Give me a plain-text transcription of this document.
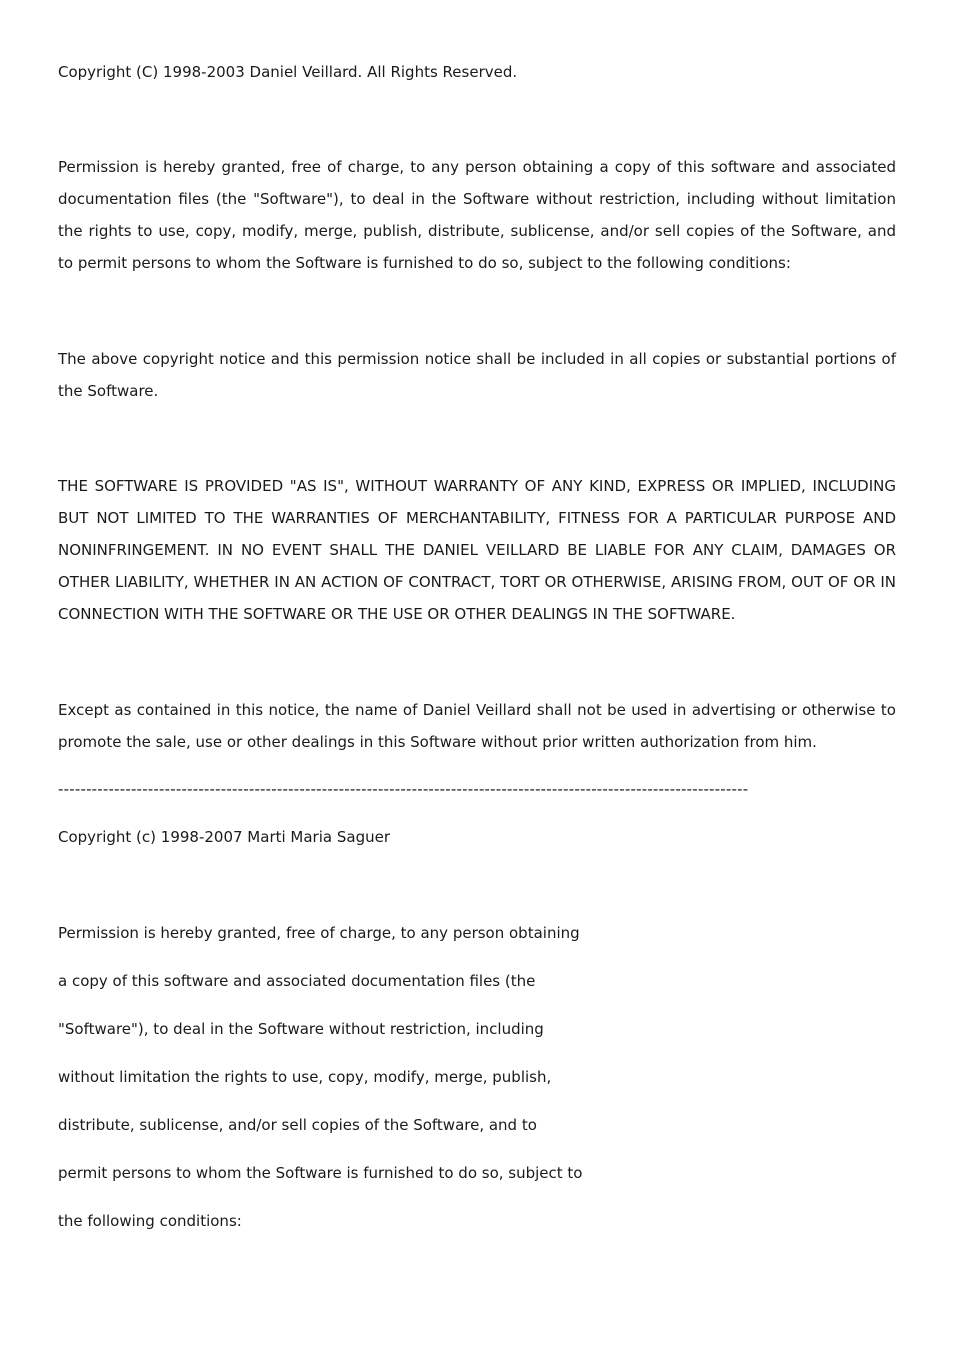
Copyright (C) 1998-2003 Daniel Veillard. All Rights Reserved.
Permission is hereby granted, free of charge, to any person obtaining a copy of this software and associated documentation files (the "Software"), to deal in the Software without restriction, including without limitation the rights to use, copy, modify, merge, publish, distribute, sublicense, and/or sell copies of the Software, and to permit persons to whom the Software is furnished to do so, subject to the following conditions:
The above copyright notice and this permission notice shall be included in all copies or substantial portions of the Software.
THE SOFTWARE IS PROVIDED "AS IS", WITHOUT WARRANTY OF ANY KIND, EXPRESS OR IMPLIED, INCLUDING BUT NOT LIMITED TO THE WARRANTIES OF MERCHANTABILITY, FITNESS FOR A PARTICULAR PURPOSE AND NONINFRINGEMENT. IN NO EVENT SHALL THE DANIEL VEILLARD BE LIABLE FOR ANY CLAIM, DAMAGES OR OTHER LIABILITY, WHETHER IN AN ACTION OF CONTRACT, TORT OR OTHERWISE, ARISING FROM, OUT OF OR IN CONNECTION WITH THE SOFTWARE OR THE USE OR OTHER DEALINGS IN THE SOFTWARE.
Except as contained in this notice, the name of Daniel Veillard shall not be used in advertising or otherwise to promote the sale, use or other dealings in this Software without prior written authorization from him.
---------------------------------------------------------------------------------------------------------------------------
Copyright (c) 1998-2007 Marti Maria Saguer
Permission is hereby granted, free of charge, to any person obtaining
a copy of this software and associated documentation files (the
"Software"), to deal in the Software without restriction, including
without limitation the rights to use, copy, modify, merge, publish,
distribute, sublicense, and/or sell copies of the Software, and to
permit persons to whom the Software is furnished to do so, subject to
the following conditions:
